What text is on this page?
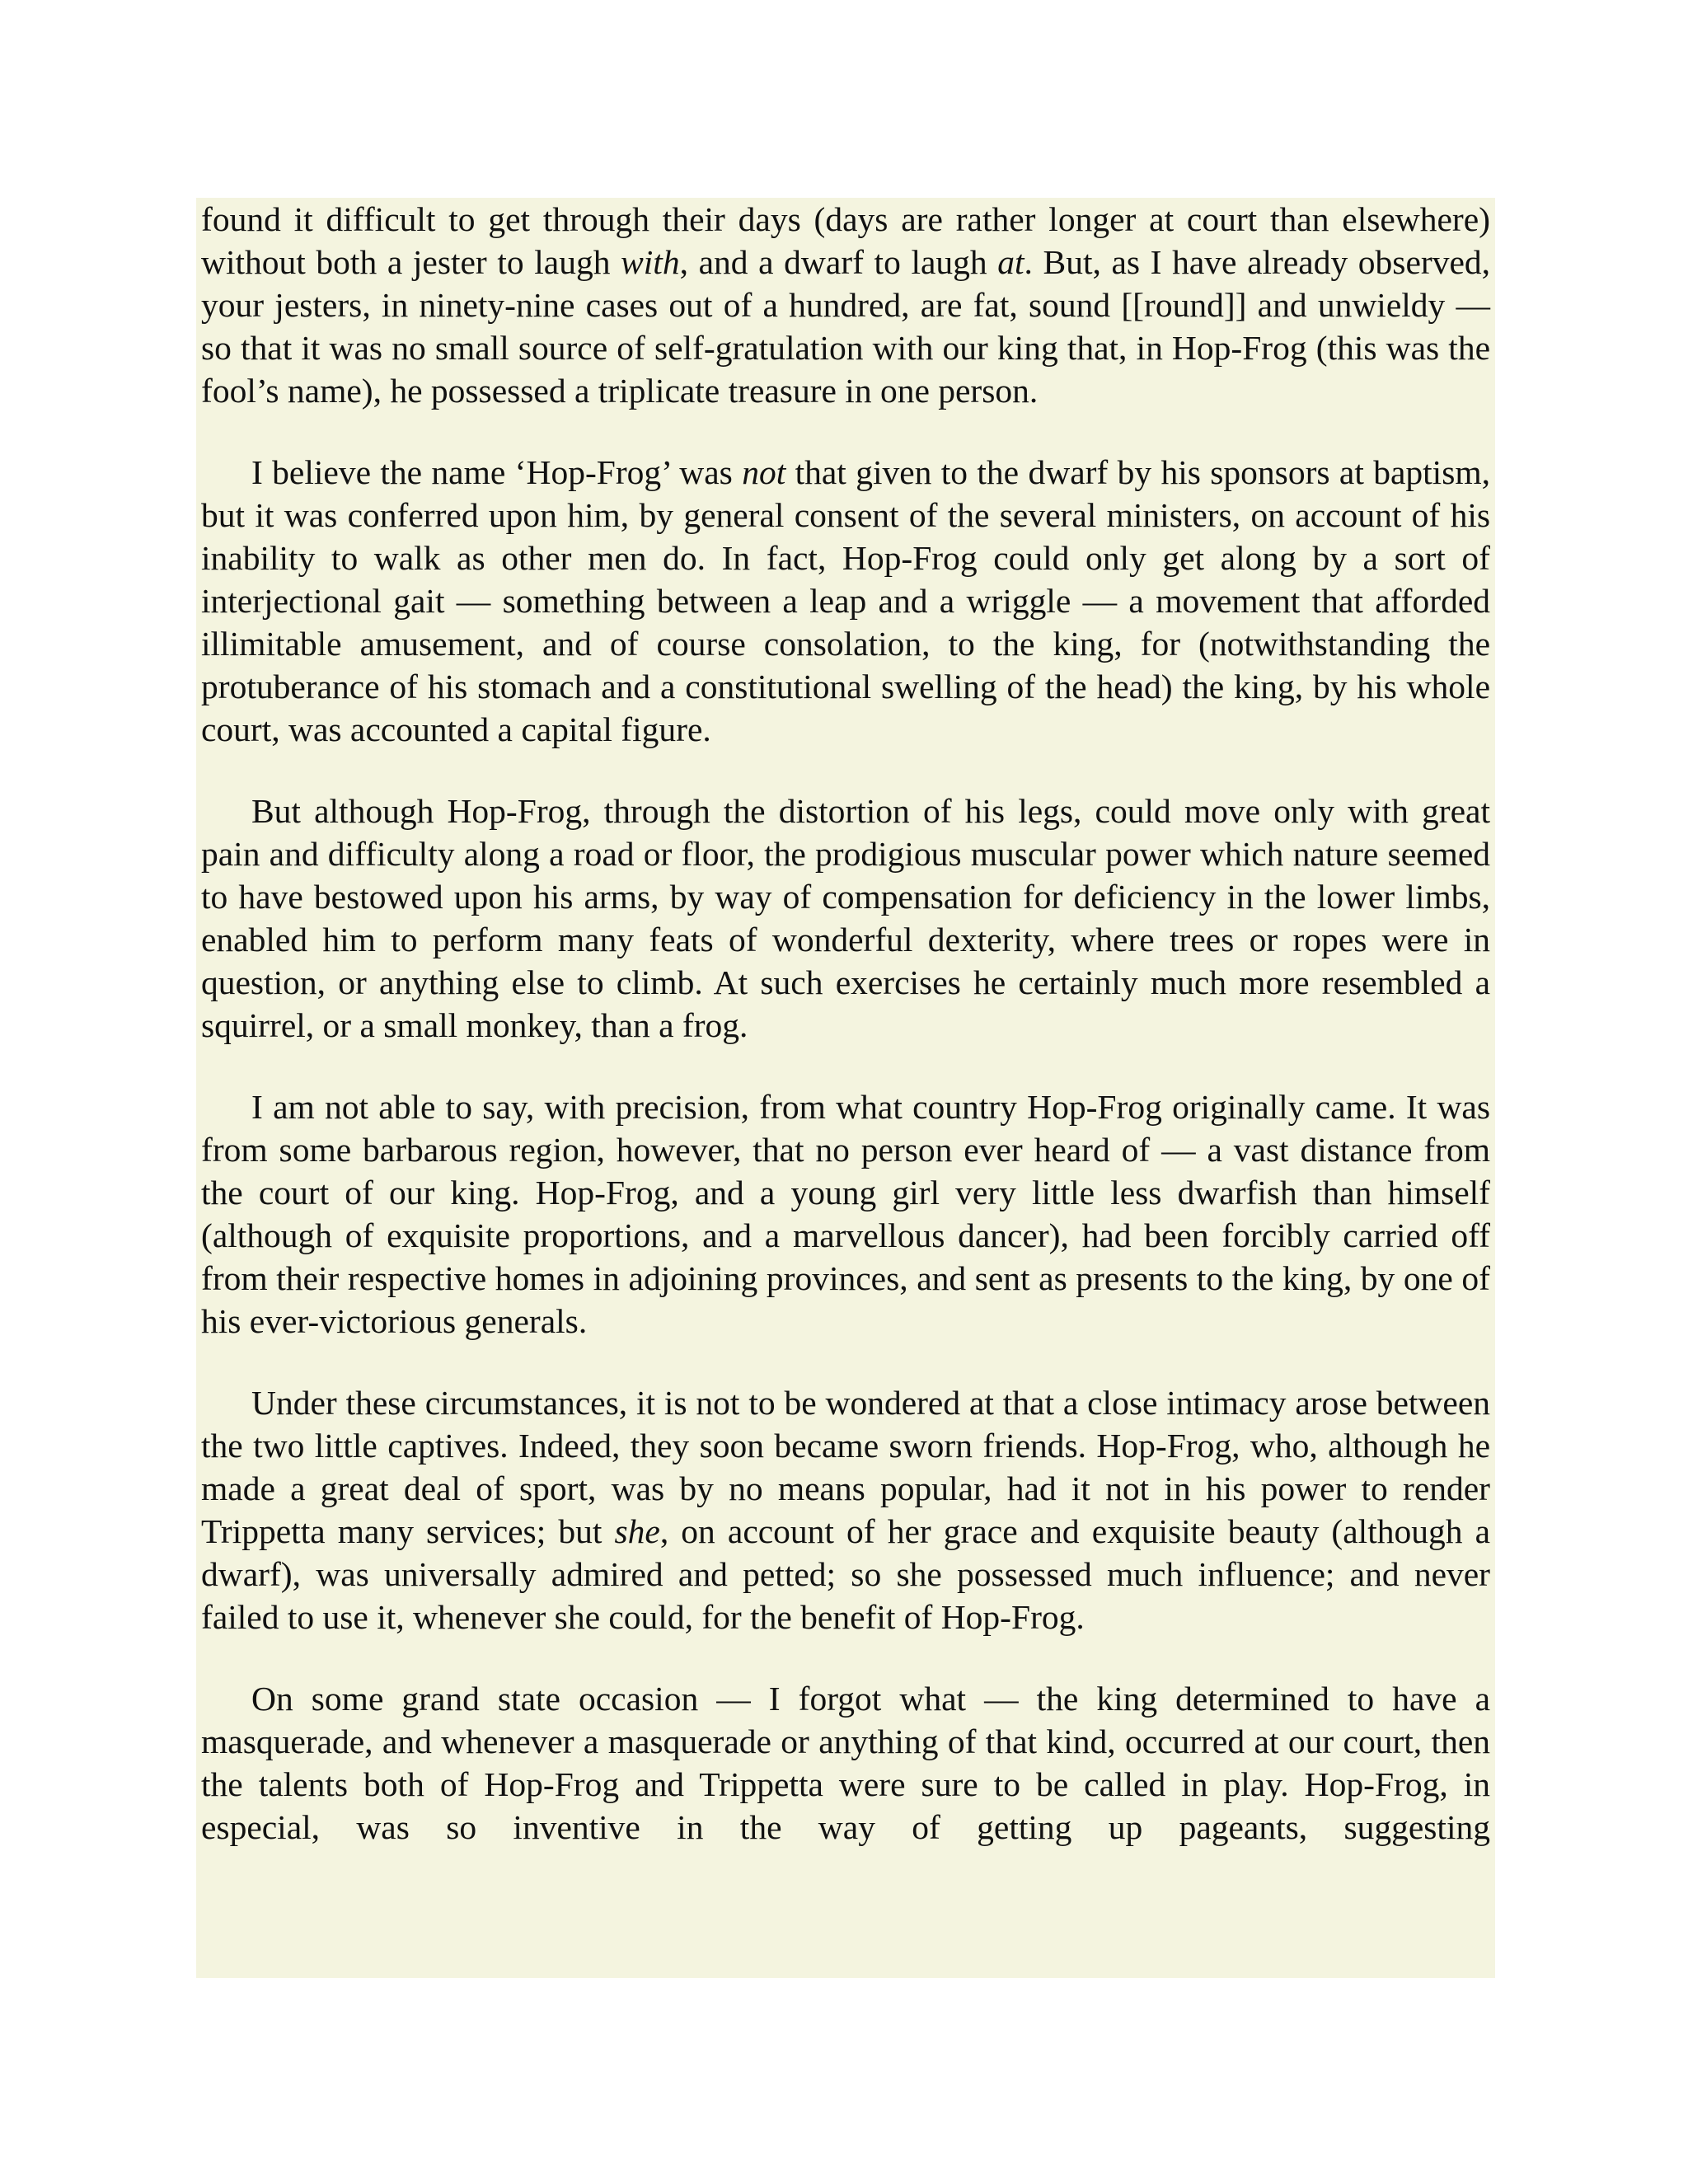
found it difficult to get through their days (days are rather longer at court than elsewhere) without both a jester to laugh with, and a dwarf to laugh at. But, as I have already observed, your jesters, in ninety-nine cases out of a hundred, are fat, sound [[round]] and unwieldy — so that it was no small source of self-gratulation with our king that, in Hop-Frog (this was the fool’s name), he possessed a triplicate treasure in one person.

I believe the name ‘Hop-Frog’ was not that given to the dwarf by his sponsors at baptism, but it was conferred upon him, by general consent of the several ministers, on account of his inability to walk as other men do. In fact, Hop-Frog could only get along by a sort of interjectional gait — something between a leap and a wriggle — a movement that afforded illimitable amusement, and of course consolation, to the king, for (notwithstanding the protuberance of his stomach and a constitutional swelling of the head) the king, by his whole court, was accounted a capital figure.

But although Hop-Frog, through the distortion of his legs, could move only with great pain and difficulty along a road or floor, the prodigious muscular power which nature seemed to have bestowed upon his arms, by way of compensation for deficiency in the lower limbs, enabled him to perform many feats of wonderful dexterity, where trees or ropes were in question, or anything else to climb. At such exercises he certainly much more resembled a squirrel, or a small monkey, than a frog.

I am not able to say, with precision, from what country Hop-Frog originally came. It was from some barbarous region, however, that no person ever heard of — a vast distance from the court of our king. Hop-Frog, and a young girl very little less dwarfish than himself (although of exquisite proportions, and a marvellous dancer), had been forcibly carried off from their respective homes in adjoining provinces, and sent as presents to the king, by one of his ever-victorious generals.

Under these circumstances, it is not to be wondered at that a close intimacy arose between the two little captives. Indeed, they soon became sworn friends. Hop-Frog, who, although he made a great deal of sport, was by no means popular, had it not in his power to render Trippetta many services; but she, on account of her grace and exquisite beauty (although a dwarf), was universally admired and petted; so she possessed much influence; and never failed to use it, whenever she could, for the benefit of Hop-Frog.

On some grand state occasion — I forgot what — the king determined to have a masquerade, and whenever a masquerade or anything of that kind, occurred at our court, then the talents both of Hop-Frog and Trippetta were sure to be called in play. Hop-Frog, in especial, was so inventive in the way of getting up pageants, suggesting
